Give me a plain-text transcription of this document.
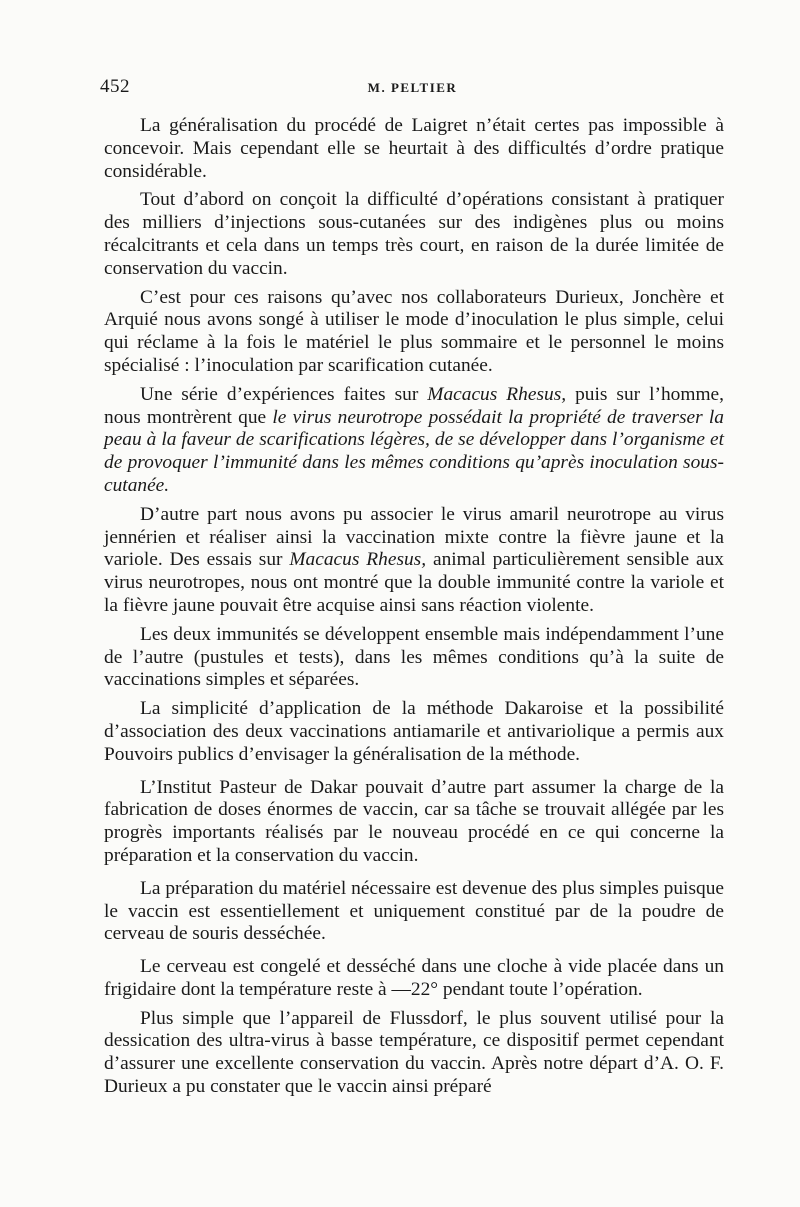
452	M. PELTIER

La généralisation du procédé de Laigret n’était certes pas impossible à concevoir. Mais cependant elle se heurtait à des difficultés d’ordre pratique considérable.

Tout d’abord on conçoit la difficulté d’opérations consistant à pratiquer des milliers d’injections sous-cutanées sur des indigènes plus ou moins récalcitrants et cela dans un temps très court, en raison de la durée limitée de conservation du vaccin.

C’est pour ces raisons qu’avec nos collaborateurs Durieux, Jonchère et Arquié nous avons songé à utiliser le mode d’inoculation le plus simple, celui qui réclame à la fois le matériel le plus sommaire et le personnel le moins spécialisé : l’inoculation par scarification cutanée.

Une série d’expériences faites sur Macacus Rhesus, puis sur l’homme, nous montrèrent que le virus neurotrope possédait la propriété de traverser la peau à la faveur de scarifications légères, de se développer dans l’organisme et de provoquer l’immunité dans les mêmes conditions qu’après inoculation sous-cutanée.

D’autre part nous avons pu associer le virus amaril neurotrope au virus jennérien et réaliser ainsi la vaccination mixte contre la fièvre jaune et la variole. Des essais sur Macacus Rhesus, animal particulièrement sensible aux virus neurotropes, nous ont montré que la double immunité contre la variole et la fièvre jaune pouvait être acquise ainsi sans réaction violente.

Les deux immunités se développent ensemble mais indépendamment l’une de l’autre (pustules et tests), dans les mêmes conditions qu’à la suite de vaccinations simples et séparées.

La simplicité d’application de la méthode Dakaroise et la possibilité d’association des deux vaccinations antiamarile et antivariolique a permis aux Pouvoirs publics d’envisager la généralisation de la méthode.

L’Institut Pasteur de Dakar pouvait d’autre part assumer la charge de la fabrication de doses énormes de vaccin, car sa tâche se trouvait allégée par les progrès importants réalisés par le nouveau procédé en ce qui concerne la préparation et la conservation du vaccin.

La préparation du matériel nécessaire est devenue des plus simples puisque le vaccin est essentiellement et uniquement constitué par de la poudre de cerveau de souris desséchée.

Le cerveau est congelé et desséché dans une cloche à vide placée dans un frigidaire dont la température reste à —22° pendant toute l’opération.

Plus simple que l’appareil de Flussdorf, le plus souvent utilisé pour la dessication des ultra-virus à basse température, ce dispositif permet cependant d’assurer une excellente conservation du vaccin. Après notre départ d’A. O. F. Durieux a pu constater que le vaccin ainsi préparé
